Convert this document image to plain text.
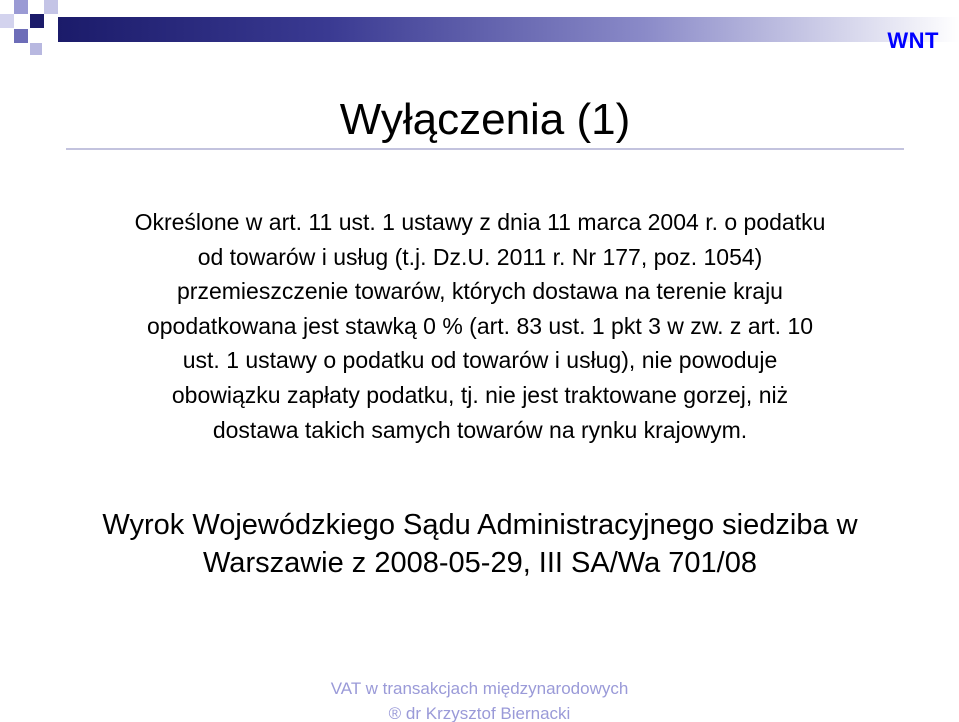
WNT
Wyłączenia (1)
Określone w art. 11 ust. 1 ustawy z dnia 11 marca 2004 r. o podatku
od towarów i usług (t.j. Dz.U. 2011 r. Nr 177, poz. 1054)
przemieszczenie towarów, których dostawa na terenie kraju
opodatkowana jest stawką 0 % (art. 83 ust. 1 pkt 3 w zw. z art. 10
ust. 1 ustawy o podatku od towarów i usług), nie powoduje
obowiązku zapłaty podatku, tj. nie jest traktowane gorzej, niż
dostawa takich samych towarów na rynku krajowym.
Wyrok Wojewódzkiego Sądu Administracyjnego siedziba w
Warszawie z 2008-05-29, III SA/Wa 701/08
VAT w transakcjach międzynarodowych
® dr Krzysztof Biernacki
